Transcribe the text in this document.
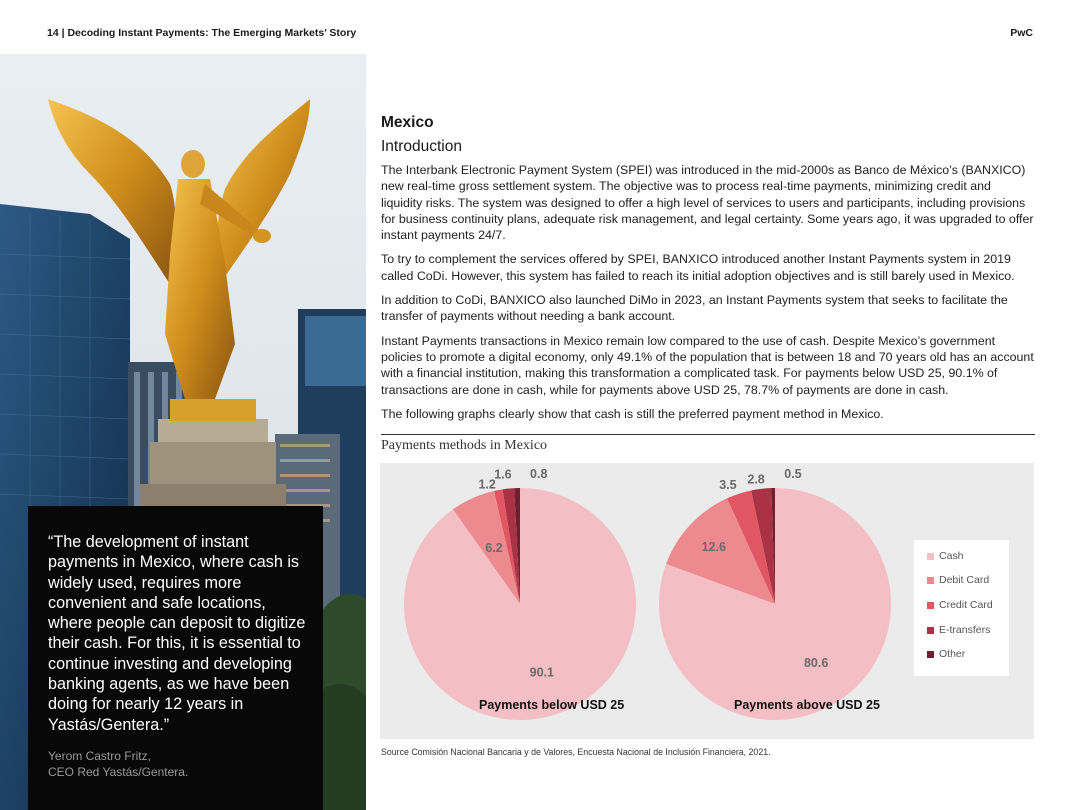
14 | Decoding Instant Payments: The Emerging Markets’ Story	PwC
“The development of instant payments in Mexico, where cash is widely used, requires more convenient and safe locations, where people can deposit to digitize their cash. For this, it is essential to continue investing and developing banking agents, as we have been doing for nearly 12 years in Yastás/Gentera.”
Yerom Castro Fritz,
CEO Red Yastás/Gentera.
Mexico
Introduction

The Interbank Electronic Payment System (SPEI) was introduced in the mid-2000s as Banco de México’s (BANXICO) new real-time gross settlement system. The objective was to process real-time payments, minimizing credit and liquidity risks. The system was designed to offer a high level of services to users and participants, including provisions for business continuity plans, adequate risk management, and legal certainty. Some years ago, it was upgraded to offer instant payments 24/7.

To try to complement the services offered by SPEI, BANXICO introduced another Instant Payments system in 2019 called CoDi. However, this system has failed to reach its initial adoption objectives and is still barely used in Mexico.

In addition to CoDi, BANXICO also launched DiMo in 2023, an Instant Payments system that seeks to facilitate the transfer of payments without needing a bank account.

Instant Payments transactions in Mexico remain low compared to the use of cash. Despite Mexico’s government policies to promote a digital economy, only 49.1% of the population that is between 18 and 70 years old has an account with a financial institution, making this transformation a complicated task. For payments below USD 25, 90.1% of transactions are done in cash, while for payments above USD 25, 78.7% of payments are done in cash.

The following graphs clearly show that cash is still the preferred payment method in Mexico.

Payments methods in Mexico
0.8
1.6
1.2
6.2
90.1
0.5
2.8
3.5
12.6
80.6
Payments below USD 25	Payments above USD 25
Cash
Debit Card
Credit Card
E-transfers
Other
Source Comisión Nacional Bancaria y de Valores, Encuesta Nacional de Inclusión Financiera, 2021.
